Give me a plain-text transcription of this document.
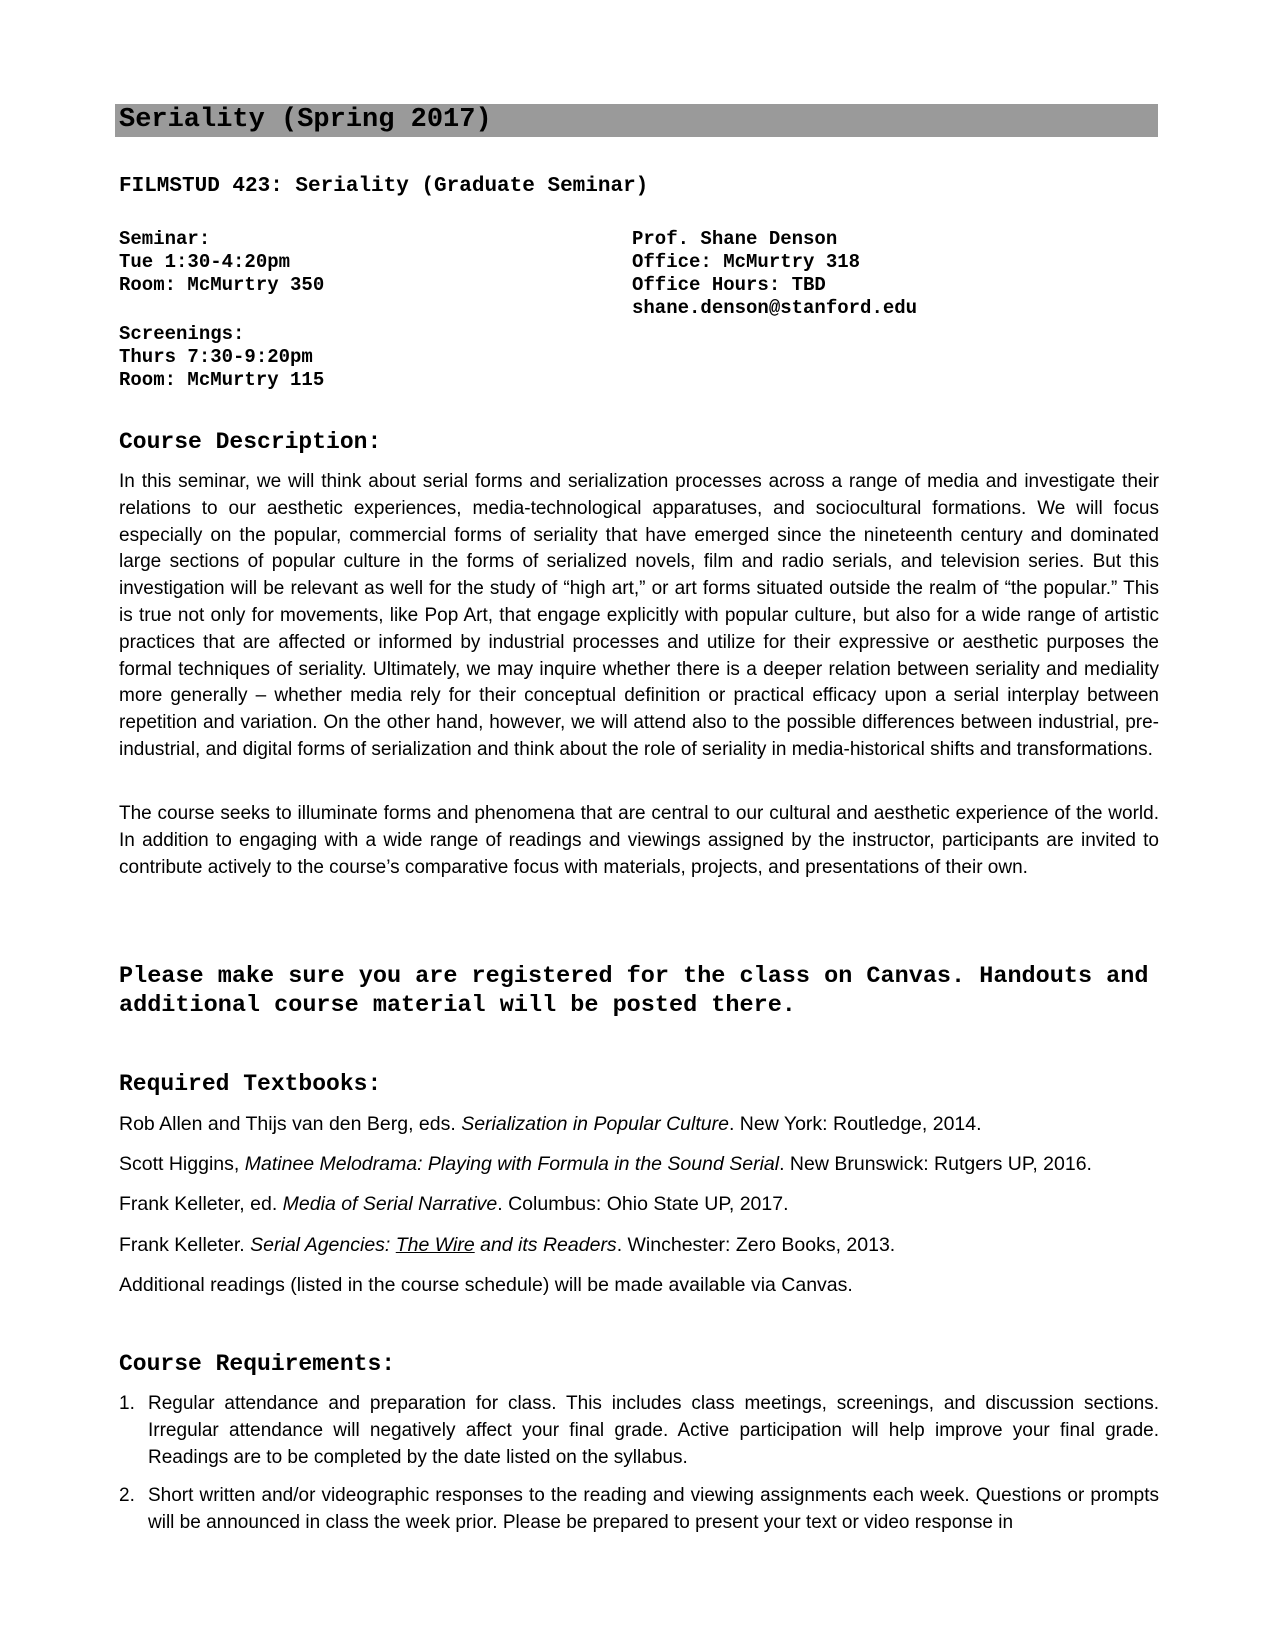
Seriality (Spring 2017)
FILMSTUD 423: Seriality (Graduate Seminar)
Seminar:
Tue 1:30-4:20pm
Room: McMurtry 350
Screenings:
Thurs 7:30-9:20pm
Room: McMurtry 115
Prof. Shane Denson
Office: McMurtry 318
Office Hours: TBD
shane.denson@stanford.edu
Course Description:

In this seminar, we will think about serial forms and serialization processes across a range of media and investigate their relations to our aesthetic experiences, media-technological apparatuses, and sociocultural formations. We will focus especially on the popular, commercial forms of seriality that have emerged since the nineteenth century and dominated large sections of popular culture in the forms of serialized novels, film and radio serials, and television series. But this investigation will be relevant as well for the study of “high art,” or art forms situated outside the realm of “the popular.” This is true not only for movements, like Pop Art, that engage explicitly with popular culture, but also for a wide range of artistic practices that are affected or informed by industrial processes and utilize for their expressive or aesthetic purposes the formal techniques of seriality. Ultimately, we may inquire whether there is a deeper relation between seriality and mediality more generally – whether media rely for their conceptual definition or practical efficacy upon a serial interplay between repetition and variation. On the other hand, however, we will attend also to the possible differences between industrial, pre-industrial, and digital forms of serialization and think about the role of seriality in media-historical shifts and transformations.

The course seeks to illuminate forms and phenomena that are central to our cultural and aesthetic experience of the world. In addition to engaging with a wide range of readings and viewings assigned by the instructor, participants are invited to contribute actively to the course’s comparative focus with materials, projects, and presentations of their own.

Please make sure you are registered for the class on Canvas. Handouts and additional course material will be posted there.
Required Textbooks:
Rob Allen and Thijs van den Berg, eds. Serialization in Popular Culture. New York: Routledge, 2014.
Scott Higgins, Matinee Melodrama: Playing with Formula in the Sound Serial. New Brunswick: Rutgers UP, 2016.
Frank Kelleter, ed. Media of Serial Narrative. Columbus: Ohio State UP, 2017.
Frank Kelleter. Serial Agencies: The Wire and its Readers. Winchester: Zero Books, 2013.
Additional readings (listed in the course schedule) will be made available via Canvas.
Course Requirements:
1. Regular attendance and preparation for class. This includes class meetings, screenings, and discussion sections. Irregular attendance will negatively affect your final grade. Active participation will help improve your final grade. Readings are to be completed by the date listed on the syllabus.
2. Short written and/or videographic responses to the reading and viewing assignments each week. Questions or prompts will be announced in class the week prior. Please be prepared to present your text or video response in
